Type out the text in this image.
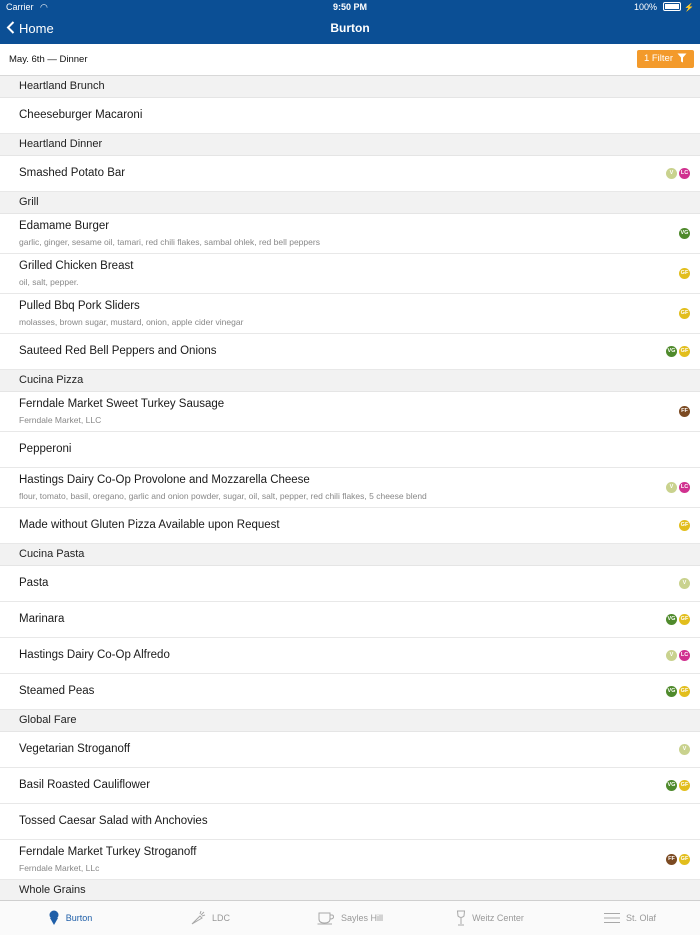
Carrier ◠	9:50 PM	100%	⚡
Home	Burton
May. 6th — Dinner	1 Filter
Heartland Brunch
Cheeseburger Macaroni
Heartland Dinner
Smashed Potato Bar	V	LC
Grill
Edamame Burger
garlic, ginger, sesame oil, tamari, red chili flakes, sambal ohlek, red bell peppers
VG
Grilled Chicken Breast
oil, salt, pepper.
GF
Pulled Bbq Pork Sliders
molasses, brown sugar, mustard, onion, apple cider vinegar
GF
Sauteed Red Bell Peppers and Onions	VG GF
Cucina Pizza
Ferndale Market Sweet Turkey Sausage
Ferndale Market, LLC
FF
Pepperoni
Hastings Dairy Co-Op Provolone and Mozzarella Cheese
flour, tomato, basil, oregano, garlic and onion powder, sugar, oil, salt, pepper, red chili flakes, 5 cheese blend
V	LC
Made without Gluten Pizza Available upon Request	GF
Cucina Pasta
Pasta	V
Marinara	VG GF
Hastings Dairy Co-Op Alfredo	V	LC
Steamed Peas	VG GF
Global Fare
Vegetarian Stroganoff	V
Basil Roasted Cauliflower	VG GF
Tossed Caesar Salad with Anchovies
Ferndale Market Turkey Stroganoff
Ferndale Market, LLc
FF	GF
Whole Grains
Burton	LDC	Sayles Hill	Weitz Center	St. Olaf
